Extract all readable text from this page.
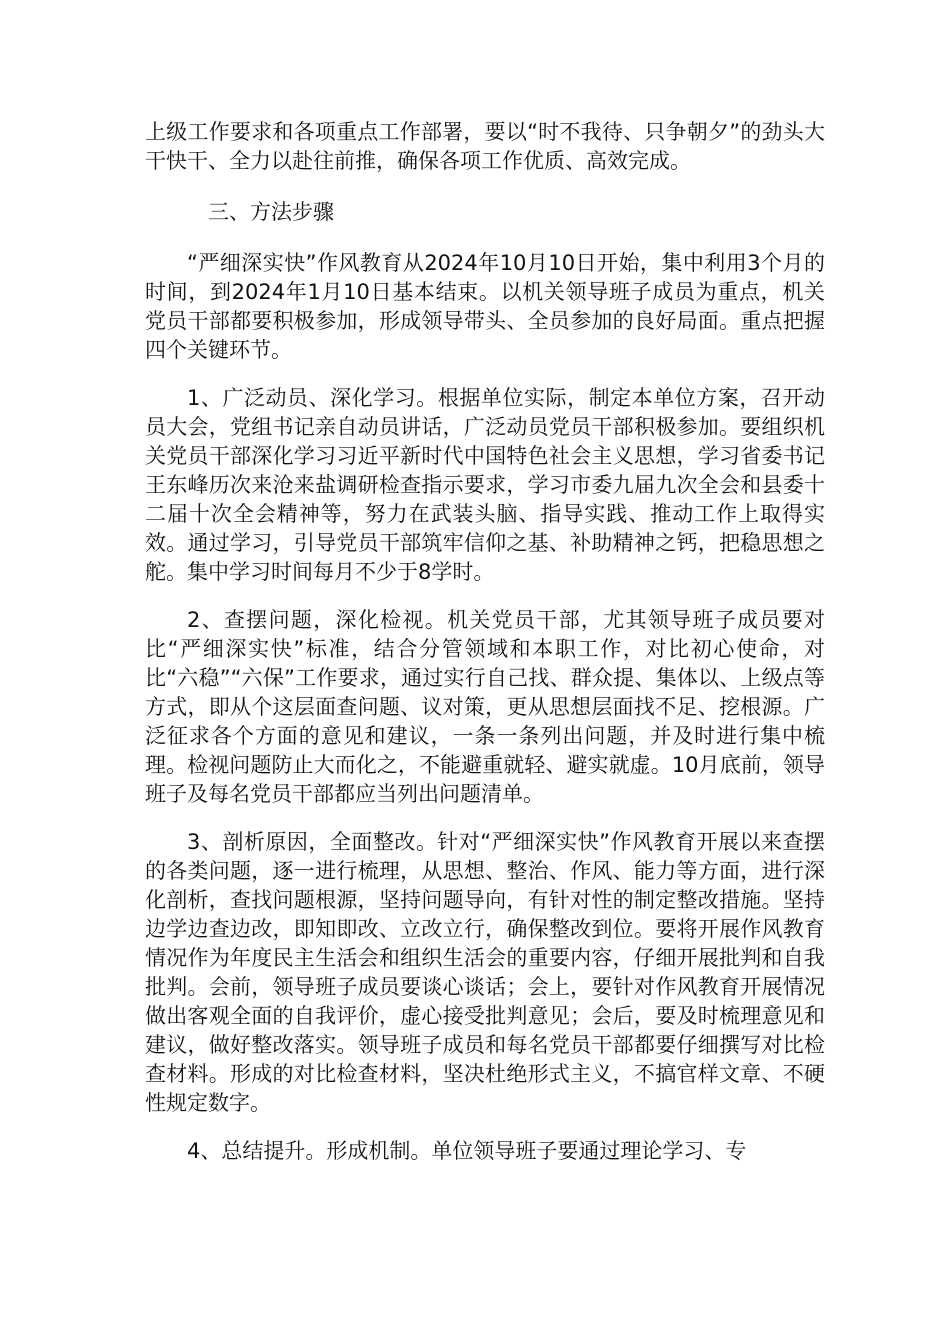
上级工作要求和各项重点工作部署，要以“时不我待、只争朝夕”的劲头大干快干、全力以赴往前推，确保各项工作优质、高效完成。

三、方法步骤

“严细深实快”作风教育从2024年10月10日开始，集中利用3个月的时间，到2024年1月10日基本结束。以机关领导班子成员为重点，机关党员干部都要积极参加，形成领导带头、全员参加的良好局面。重点把握四个关键环节。

1、广泛动员、深化学习。根据单位实际，制定本单位方案，召开动员大会，党组书记亲自动员讲话，广泛动员党员干部积极参加。要组织机关党员干部深化学习习近平新时代中国特色社会主义思想，学习省委书记王东峰历次来沧来盐调研检查指示要求，学习市委九届九次全会和县委十二届十次全会精神等，努力在武装头脑、指导实践、推动工作上取得实效。通过学习，引导党员干部筑牢信仰之基、补助精神之钙，把稳思想之舵。集中学习时间每月不少于8学时。

2、查摆问题，深化检视。机关党员干部，尤其领导班子成员要对比“严细深实快”标准，结合分管领域和本职工作，对比初心使命，对比“六稳”“六保”工作要求，通过实行自己找、群众提、集体以、上级点等方式，即从个这层面查问题、议对策，更从思想层面找不足、挖根源。广泛征求各个方面的意见和建议，一条一条列出问题，并及时进行集中梳理。检视问题防止大而化之，不能避重就轻、避实就虚。10月底前，领导班子及每名党员干部都应当列出问题清单。

3、剖析原因，全面整改。针对“严细深实快”作风教育开展以来查摆的各类问题，逐一进行梳理，从思想、整治、作风、能力等方面，进行深化剖析，查找问题根源，坚持问题导向，有针对性的制定整改措施。坚持边学边查边改，即知即改、立改立行，确保整改到位。要将开展作风教育情况作为年度民主生活会和组织生活会的重要内容，仔细开展批判和自我批判。会前，领导班子成员要谈心谈话；会上，要针对作风教育开展情况做出客观全面的自我评价，虚心接受批判意见；会后，要及时梳理意见和建议，做好整改落实。领导班子成员和每名党员干部都要仔细撰写对比检查材料。形成的对比检查材料，坚决杜绝形式主义，不搞官样文章、不硬性规定数字。

4、总结提升。形成机制。单位领导班子要通过理论学习、专
